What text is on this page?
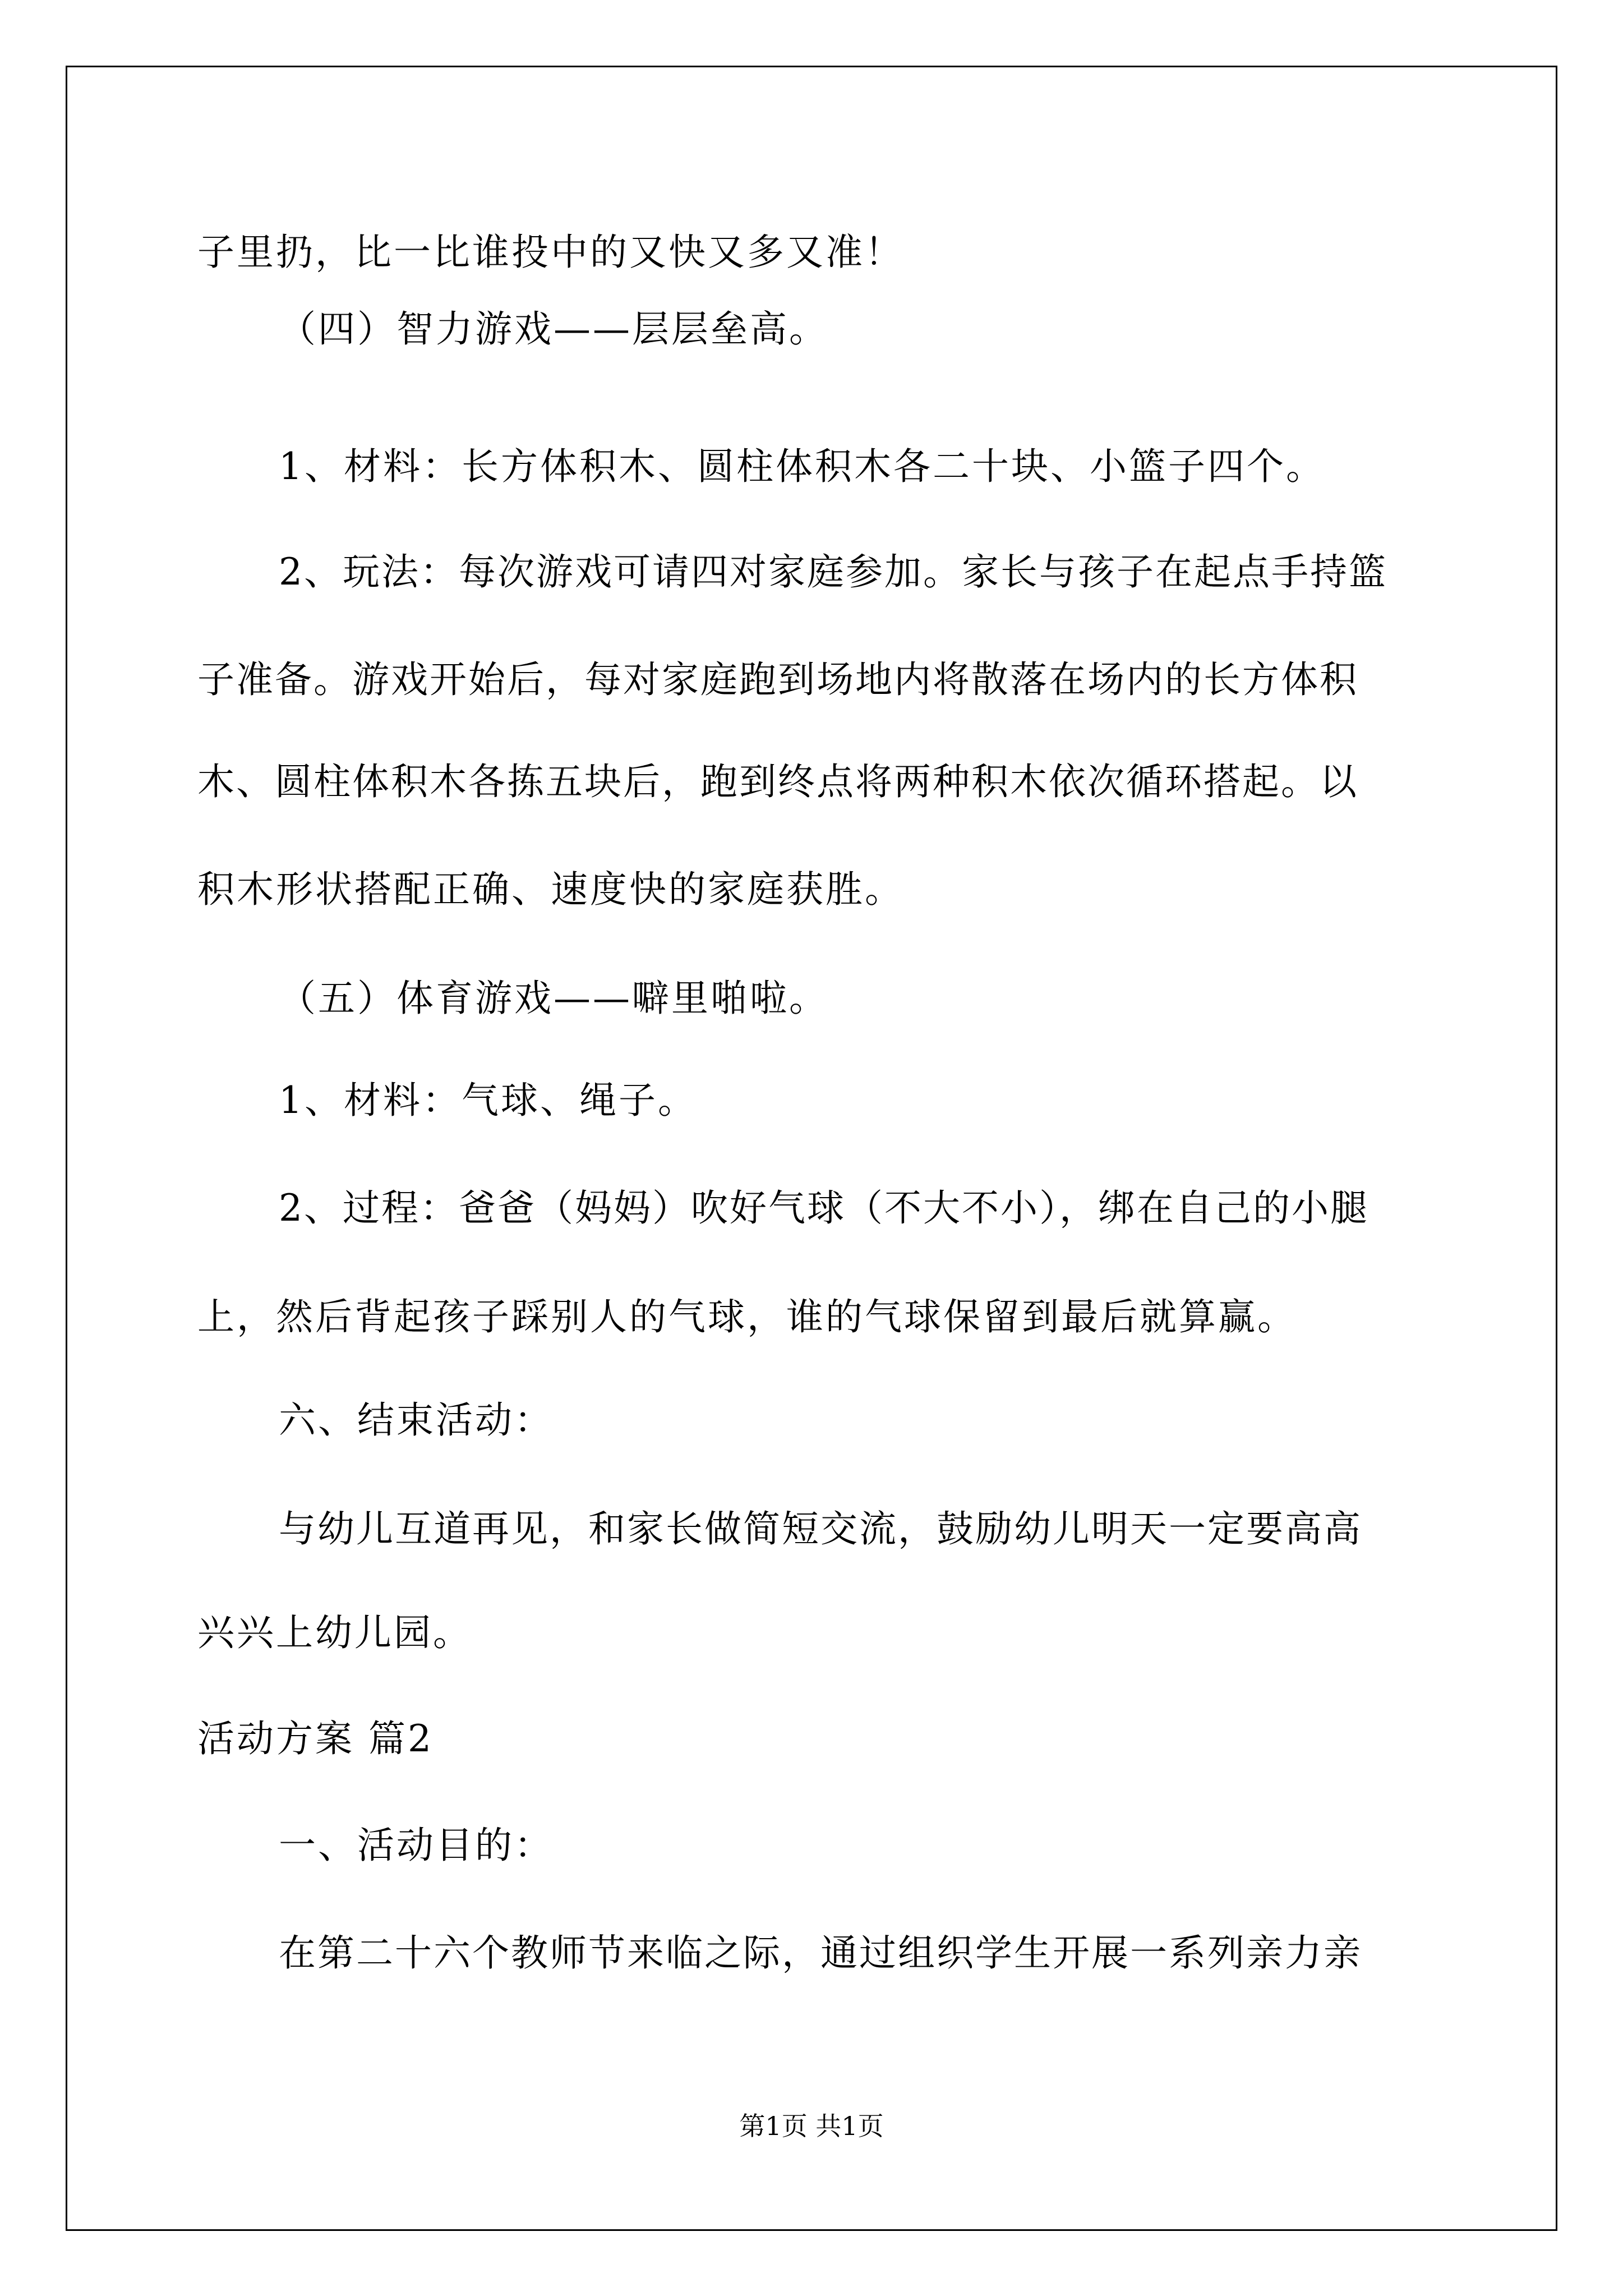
子里扔，比一比谁投中的又快又多又准！
（四）智力游戏——层层垒高。
1、材料：长方体积木、圆柱体积木各二十块、小篮子四个。
2、玩法：每次游戏可请四对家庭参加。家长与孩子在起点手持篮
子准备。游戏开始后，每对家庭跑到场地内将散落在场内的长方体积
木、圆柱体积木各拣五块后，跑到终点将两种积木依次循环搭起。以
积木形状搭配正确、速度快的家庭获胜。
（五）体育游戏——噼里啪啦。
1、材料：气球、绳子。
2、过程：爸爸（妈妈）吹好气球（不大不小），绑在自己的小腿
上，然后背起孩子踩别人的气球，谁的气球保留到最后就算赢。
六、结束活动：
与幼儿互道再见，和家长做简短交流，鼓励幼儿明天一定要高高
兴兴上幼儿园。
活动方案 篇2
一、活动目的：
在第二十六个教师节来临之际，通过组织学生开展一系列亲力亲
第1页 共1页
